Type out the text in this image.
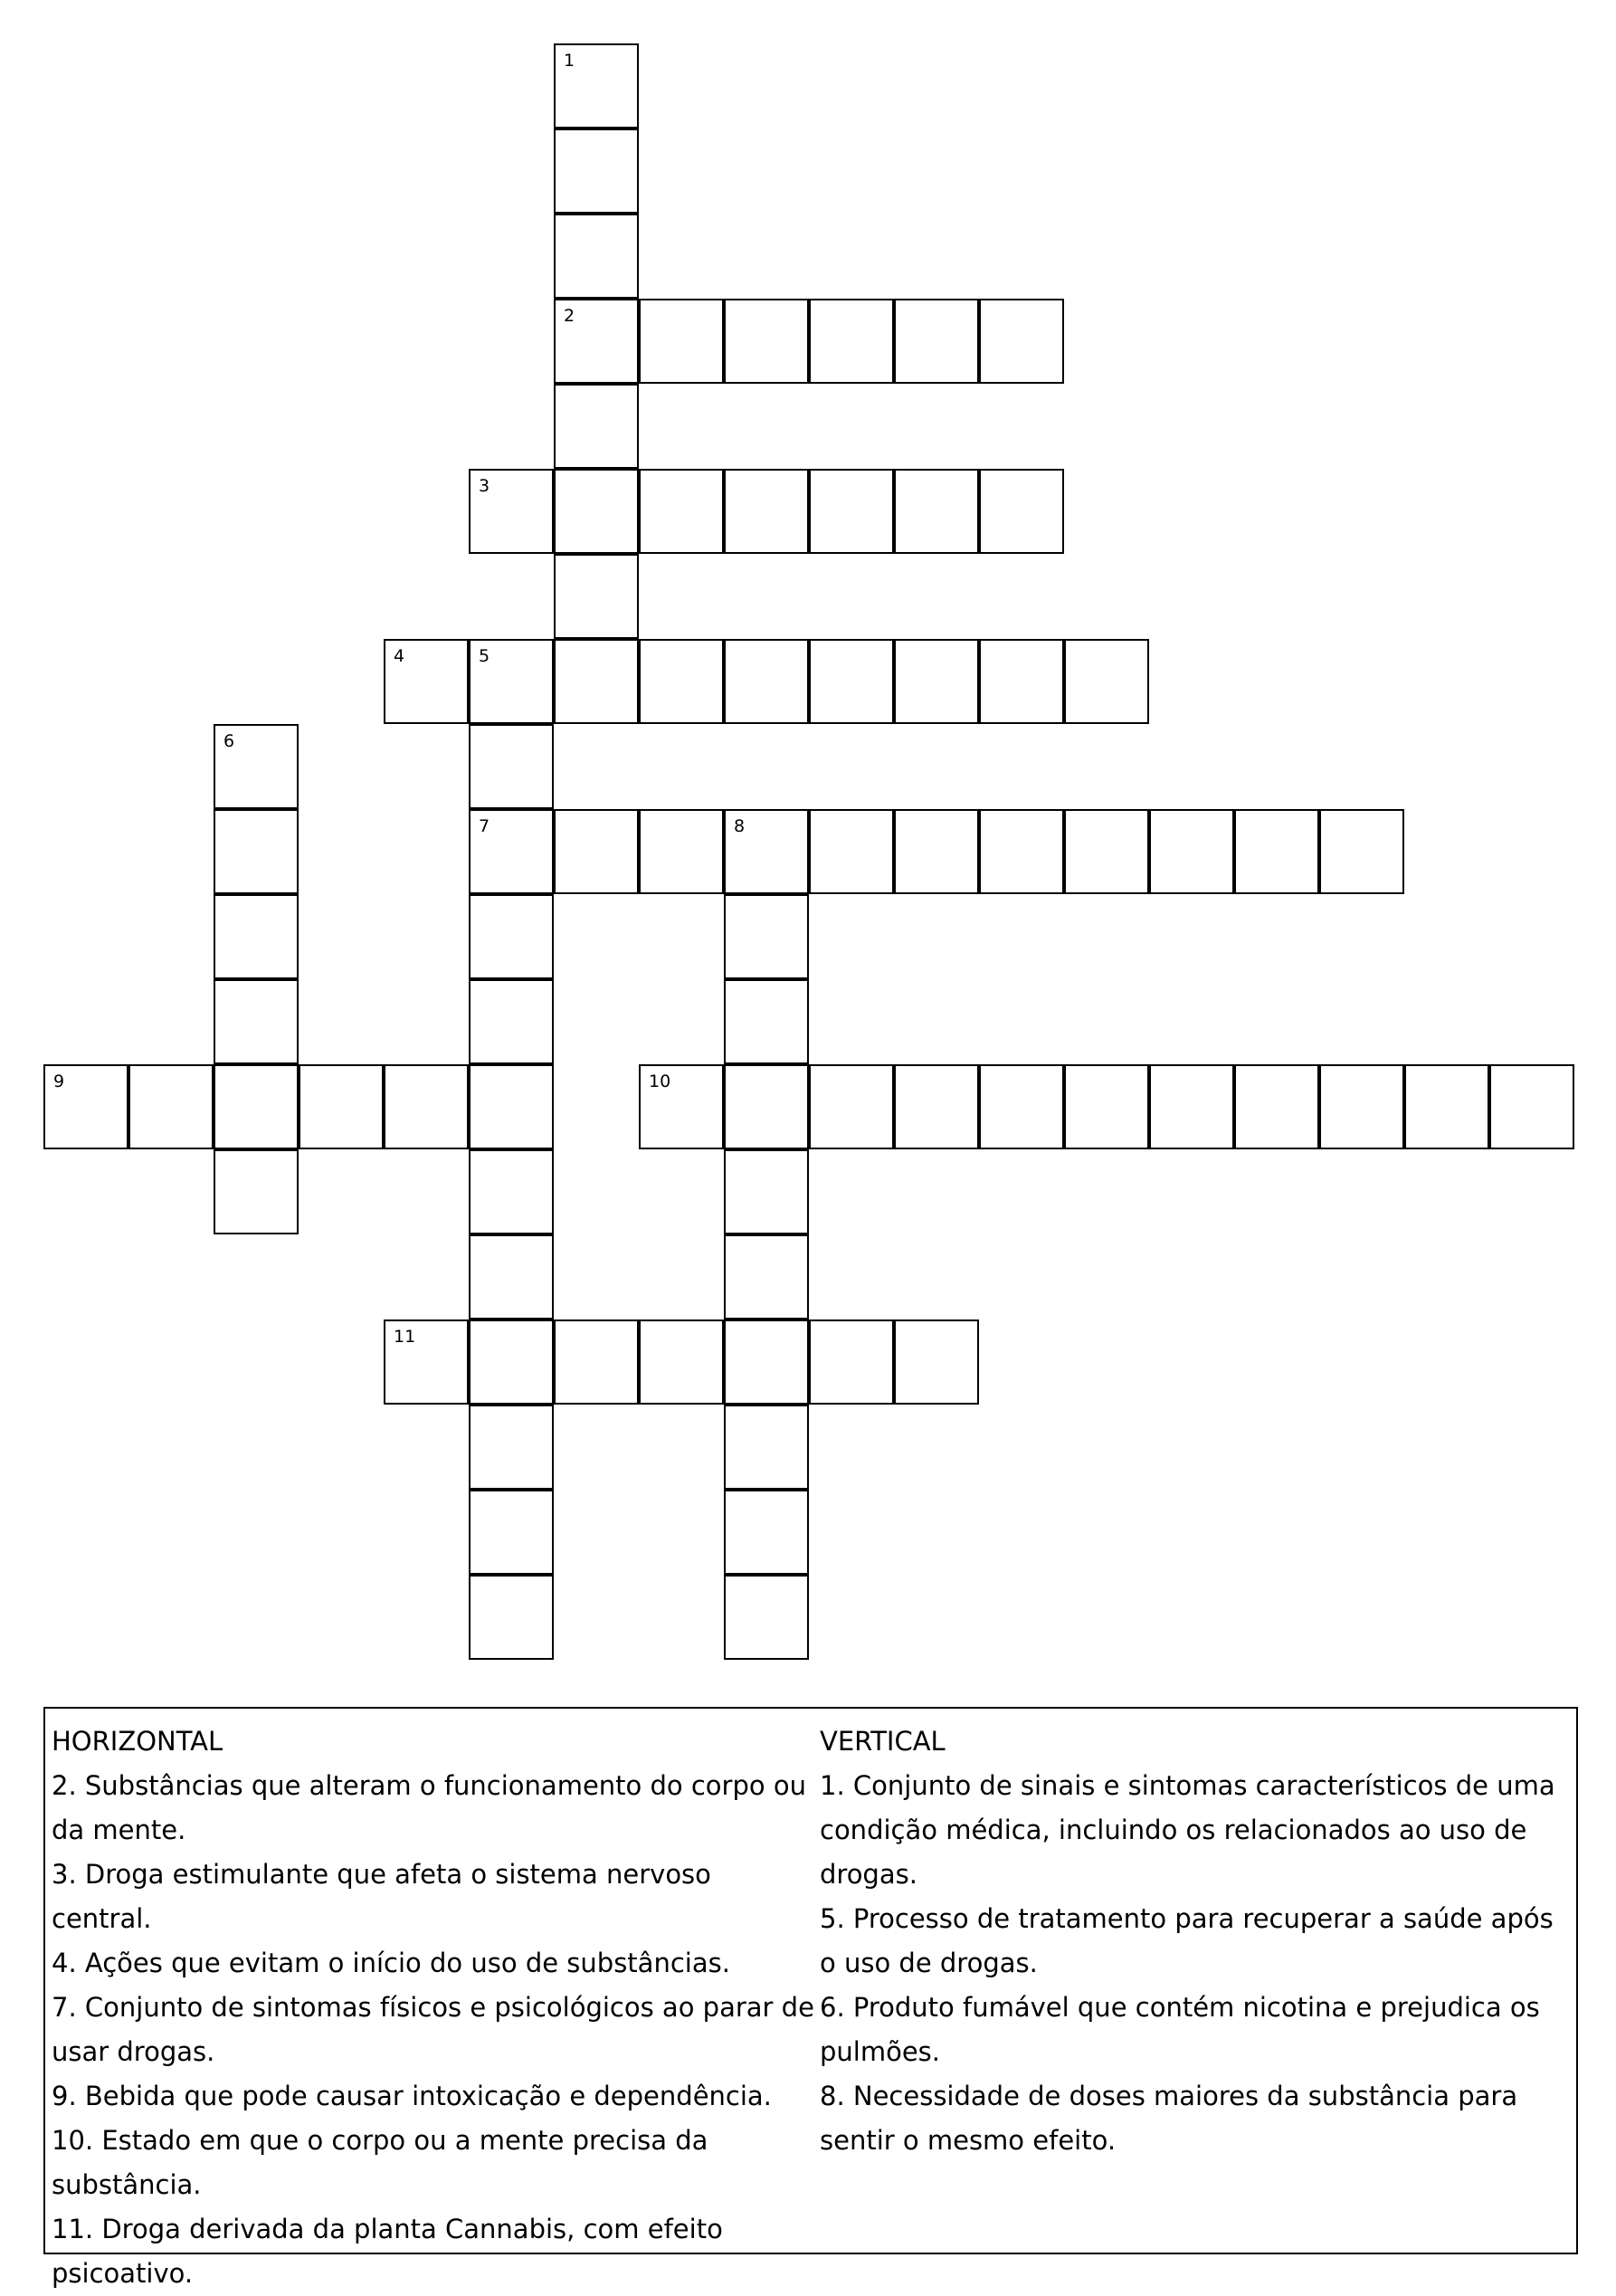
1
2
3
4	5
7
6
8
9	10
11
HORIZONTAL
2. Substâncias que alteram o funcionamento do corpo ou da mente.
3. Droga estimulante que afeta o sistema nervoso central.
4. Ações que evitam o início do uso de substâncias.
7. Conjunto de sintomas físicos e psicológicos ao parar de usar drogas.
9. Bebida que pode causar intoxicação e dependência.
10. Estado em que o corpo ou a mente precisa da substância.
11. Droga derivada da planta Cannabis, com efeito psicoativo.
VERTICAL
1. Conjunto de sinais e sintomas característicos de uma condição médica, incluindo os relacionados ao uso de drogas.
5. Processo de tratamento para recuperar a saúde após o uso de drogas.
6. Produto fumável que contém nicotina e prejudica os pulmões.
8. Necessidade de doses maiores da substância para sentir o mesmo efeito.
